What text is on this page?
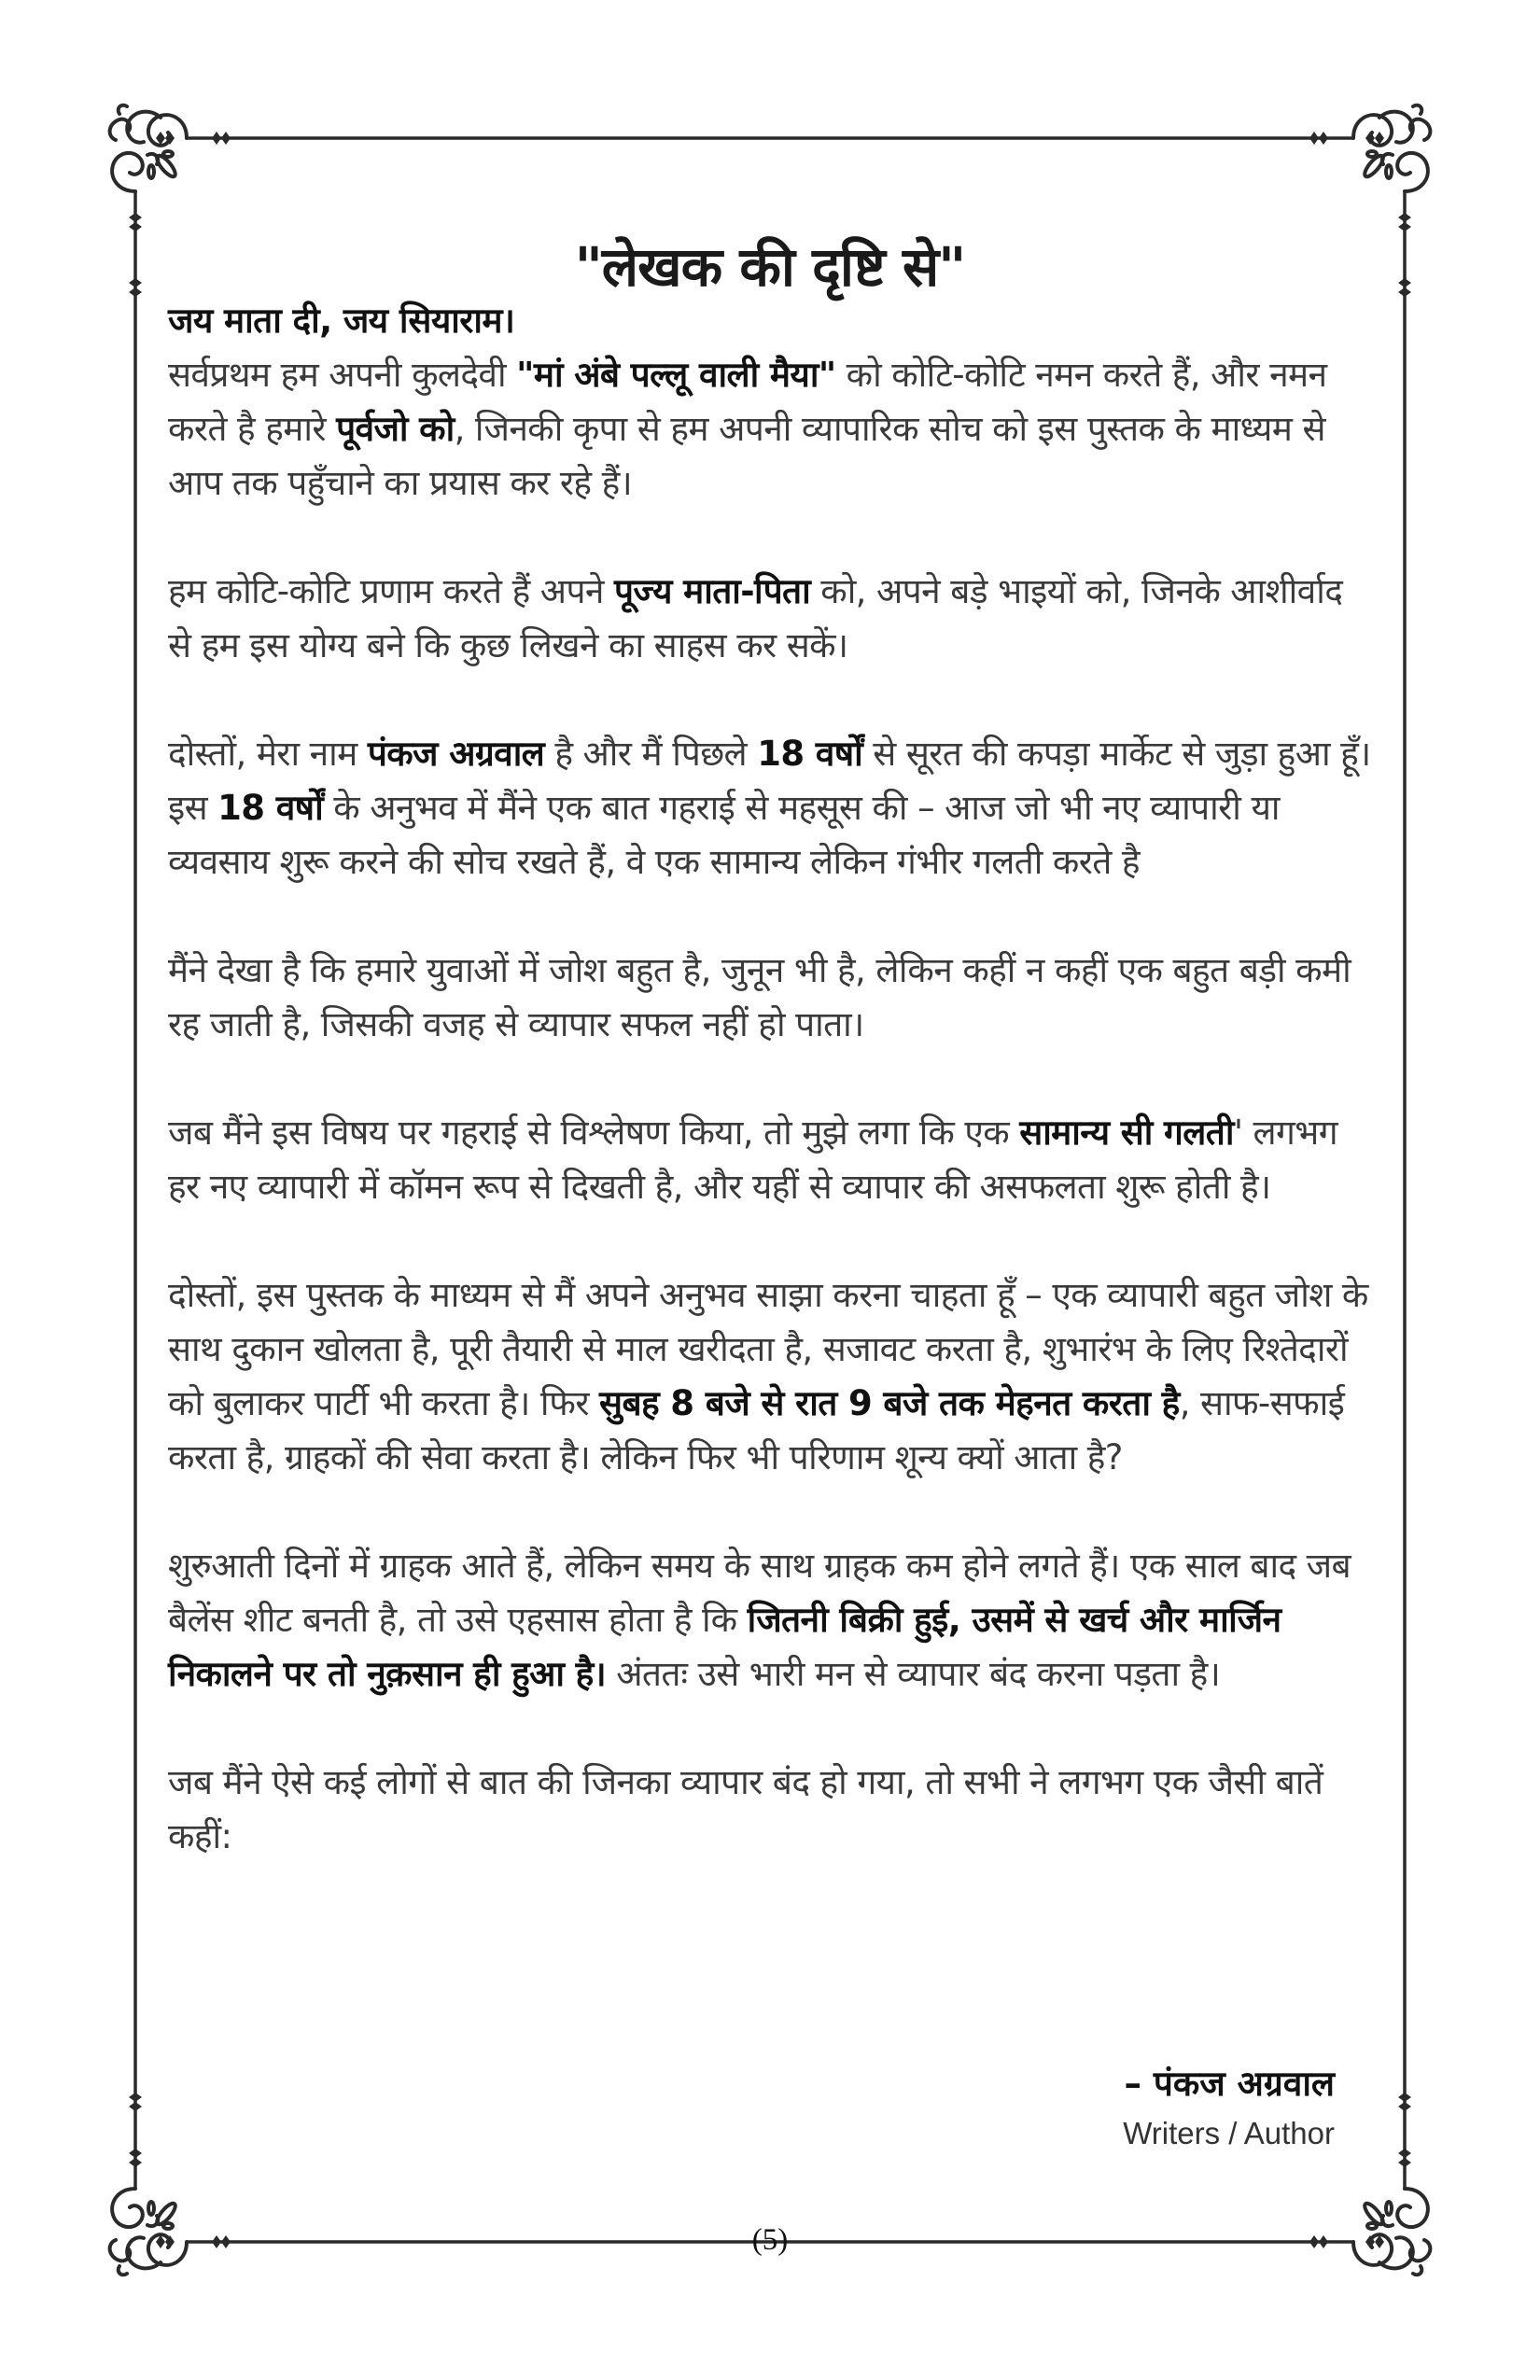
"लेखक की दृष्टि से"

जय माता दी, जय सियाराम।

सर्वप्रथम हम अपनी कुलदेवी "मां अंबे पल्लू वाली मैया" को कोटि-कोटि नमन करते हैं, और नमन करते है हमारे पूर्वजो को, जिनकी कृपा से हम अपनी व्यापारिक सोच को इस पुस्तक के माध्यम से आप तक पहुँचाने का प्रयास कर रहे हैं।

हम कोटि-कोटि प्रणाम करते हैं अपने पूज्य माता-पिता को, अपने बड़े भाइयों को, जिनके आशीर्वाद से हम इस योग्य बने कि कुछ लिखने का साहस कर सकें।

दोस्तों, मेरा नाम पंकज अग्रवाल है और मैं पिछले 18 वर्षों से सूरत की कपड़ा मार्केट से जुड़ा हुआ हूँ। इस 18 वर्षों के अनुभव में मैंने एक बात गहराई से महसूस की – आज जो भी नए व्यापारी या व्यवसाय शुरू करने की सोच रखते हैं, वे एक सामान्य लेकिन गंभीर गलती करते है

मैंने देखा है कि हमारे युवाओं में जोश बहुत है, जुनून भी है, लेकिन कहीं न कहीं एक बहुत बड़ी कमी रह जाती है, जिसकी वजह से व्यापार सफल नहीं हो पाता।

जब मैंने इस विषय पर गहराई से विश्लेषण किया, तो मुझे लगा कि एक सामान्य सी गलती' लगभग हर नए व्यापारी में कॉमन रूप से दिखती है, और यहीं से व्यापार की असफलता शुरू होती है।

दोस्तों, इस पुस्तक के माध्यम से मैं अपने अनुभव साझा करना चाहता हूँ – एक व्यापारी बहुत जोश के साथ दुकान खोलता है, पूरी तैयारी से माल खरीदता है, सजावट करता है, शुभारंभ के लिए रिश्तेदारों को बुलाकर पार्टी भी करता है। फिर सुबह 8 बजे से रात 9 बजे तक मेहनत करता है, साफ-सफाई करता है, ग्राहकों की सेवा करता है। लेकिन फिर भी परिणाम शून्य क्यों आता है?

शुरुआती दिनों में ग्राहक आते हैं, लेकिन समय के साथ ग्राहक कम होने लगते हैं। एक साल बाद जब बैलेंस शीट बनती है, तो उसे एहसास होता है कि जितनी बिक्री हुई, उसमें से खर्च और मार्जिन निकालने पर तो नुक़सान ही हुआ है। अंततः उसे भारी मन से व्यापार बंद करना पड़ता है।

जब मैंने ऐसे कई लोगों से बात की जिनका व्यापार बंद हो गया, तो सभी ने लगभग एक जैसी बातें कहीं:

– पंकज अग्रवाल
Writers / Author
(5)
